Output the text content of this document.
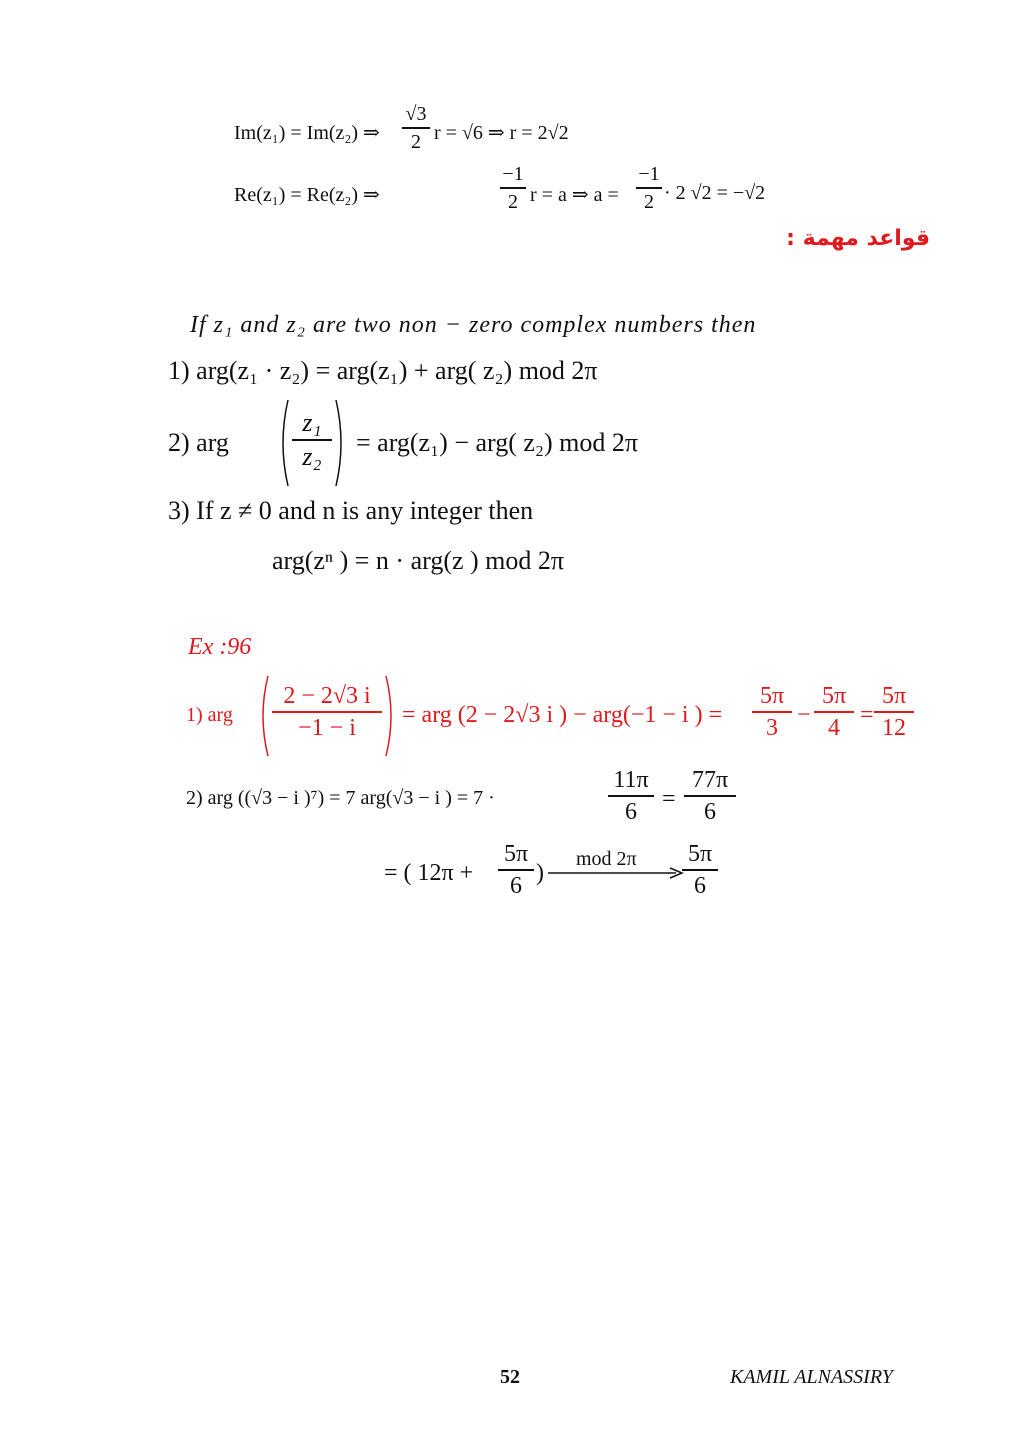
Im(z₁) = Im(z₂) ⇒
√3
2 r = √6 ⇒ r = 2√2
Re(z₁) = Re(z₂) ⇒
−1
2 r = a ⇒ a =
−1
2 · 2 √2 = −√2
قواعد مهمة :
If z₁ and z₂ are two non − zero complex numbers then
1) arg(z₁ · z₂) = arg(z₁) + arg( z₂) mod 2π
2) arg
z₁
z₂	= arg(z₁) − arg( z₂) mod 2π
3) If z ≠ 0 and n is any integer then
arg(zⁿ ) = n · arg(z ) mod 2π
Ex :96
1) arg
2 − 2√3 i
−1 − i	= arg (2 − 2√3 i ) − arg(−1 − i ) =
5π
3 −
5π
4 =
5π
12
2) arg ((√3 − i )⁷) = 7 arg(√3 − i ) = 7 ·
11π
6	=
77π
6
= ( 12π +
5π
6 )
mod 2π 5π
6
52	KAMIL ALNASSIRY
